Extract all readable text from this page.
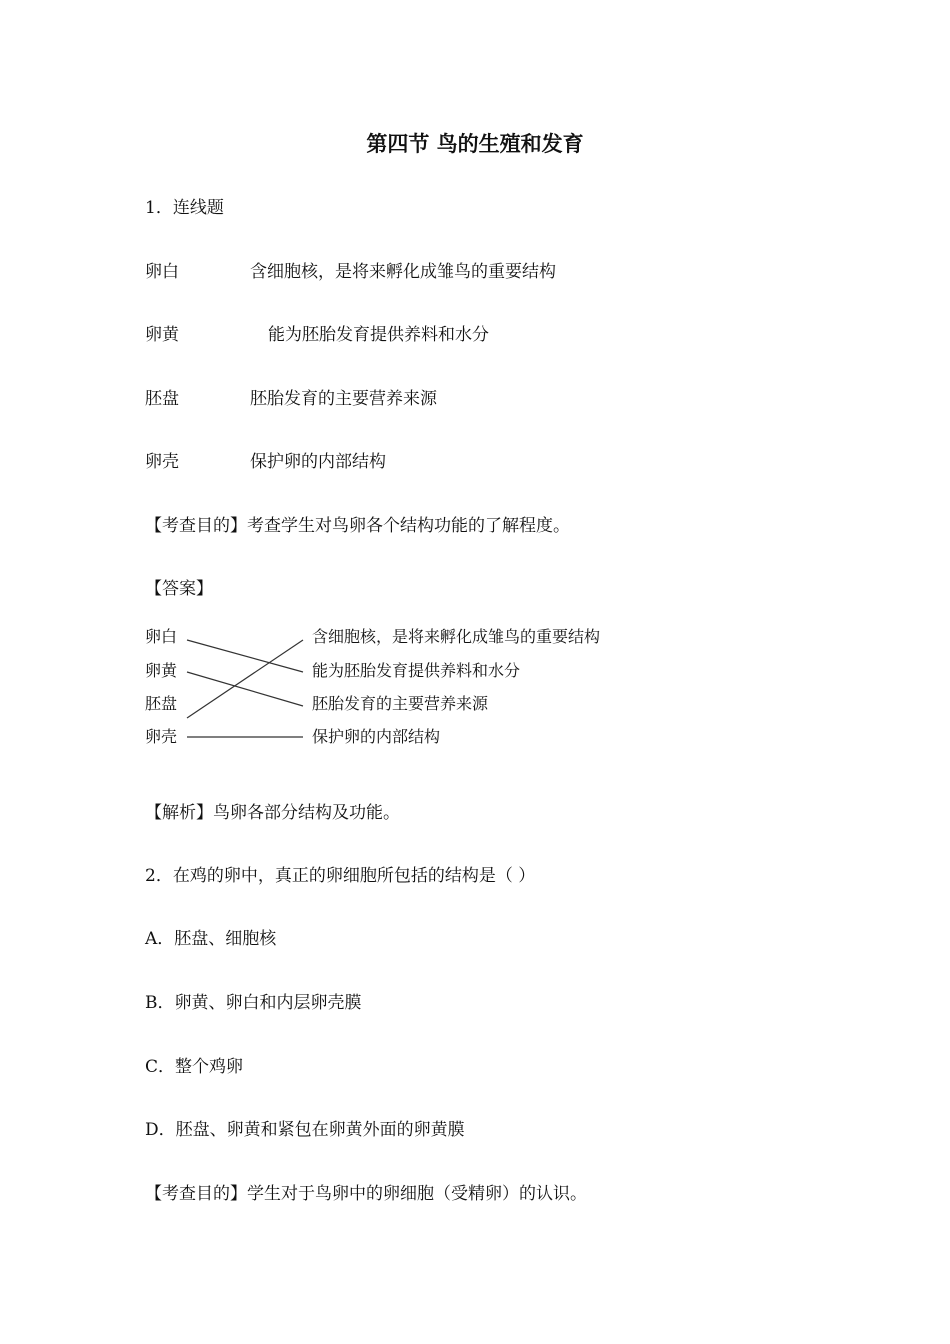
第四节 鸟的生殖和发育
1．连线题
卵白	含细胞核，是将来孵化成雏鸟的重要结构
卵黄	能为胚胎发育提供养料和水分
胚盘	胚胎发育的主要营养来源
卵壳	保护卵的内部结构
【考查目的】考查学生对鸟卵各个结构功能的了解程度。
【答案】
卵白
卵黄
胚盘
卵壳
含细胞核，是将来孵化成雏鸟的重要结构
能为胚胎发育提供养料和水分
胚胎发育的主要营养来源
保护卵的内部结构
【解析】鸟卵各部分结构及功能。
2．在鸡的卵中，真正的卵细胞所包括的结构是（ ）
A．胚盘、细胞核
B．卵黄、卵白和内层卵壳膜
C．整个鸡卵
D．胚盘、卵黄和紧包在卵黄外面的卵黄膜
【考查目的】学生对于鸟卵中的卵细胞（受精卵）的认识。
